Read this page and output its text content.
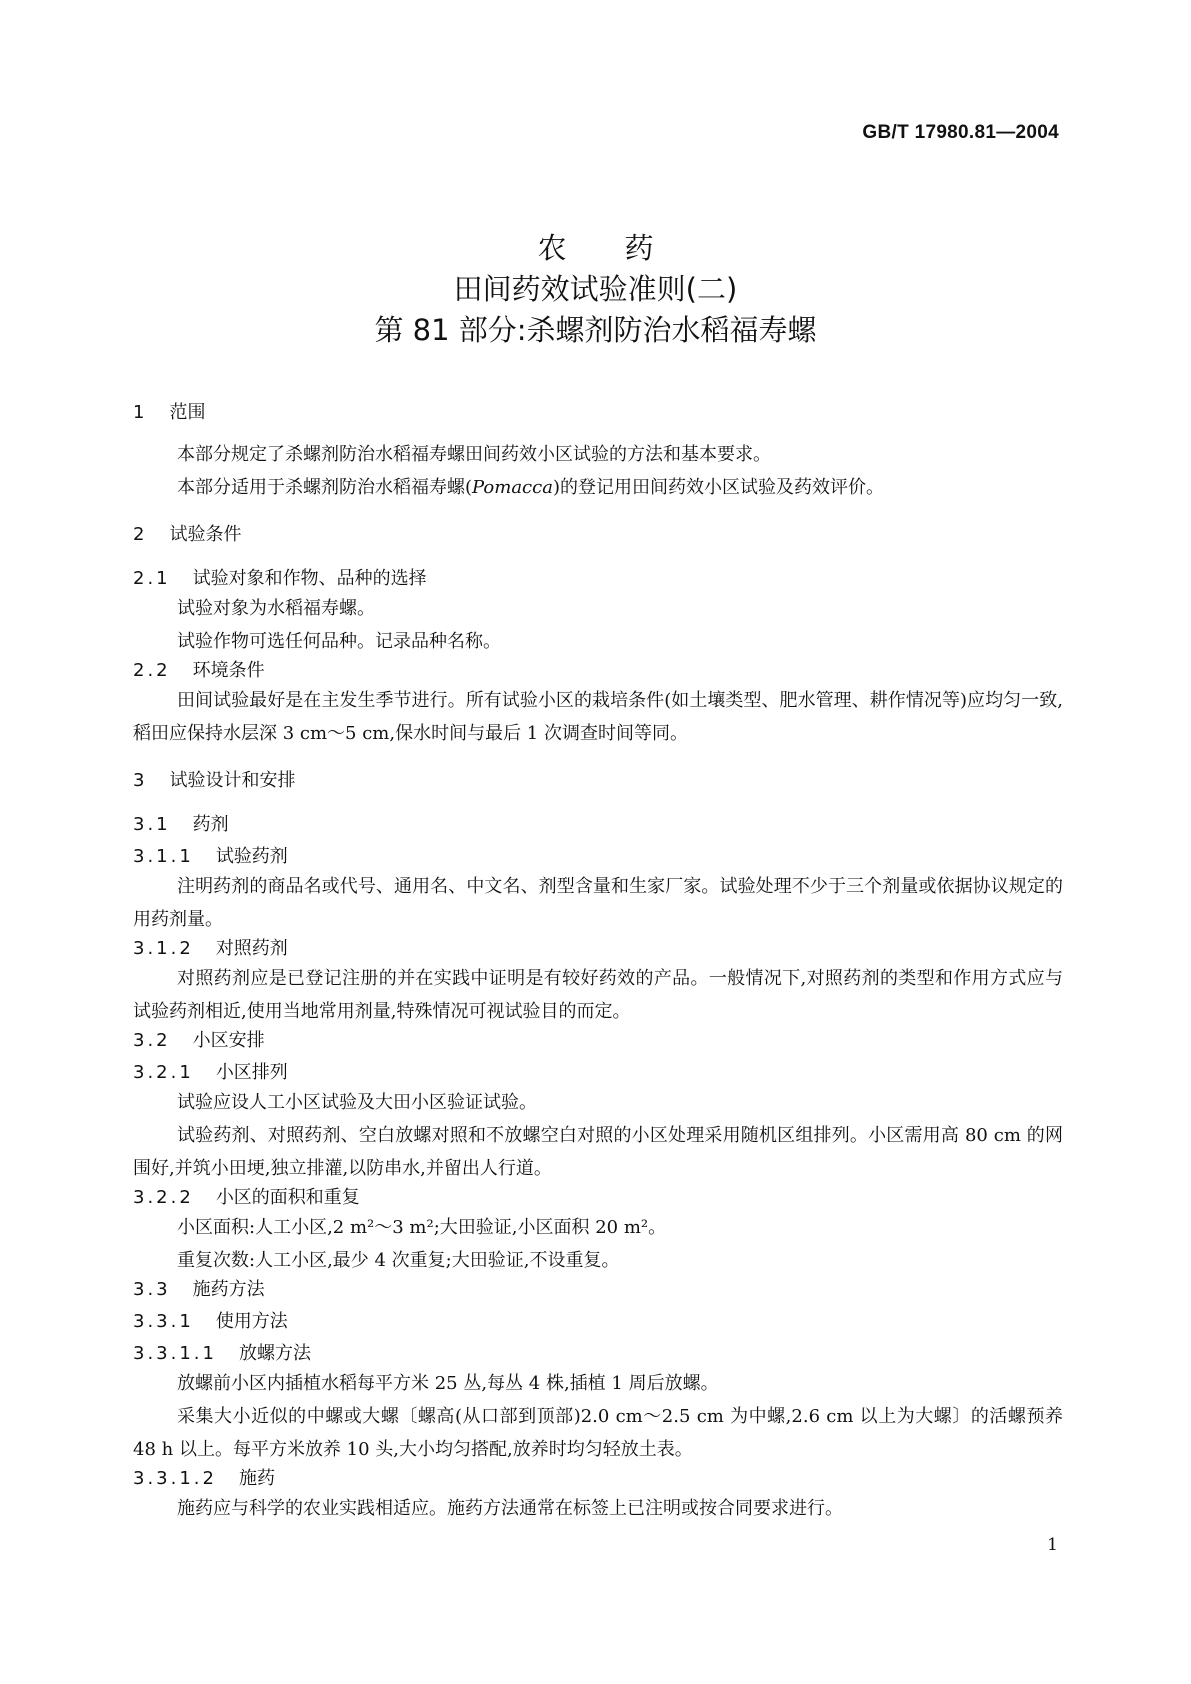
GB/T 17980.81—2004
农药
田间药效试验准则(二)
第 81 部分:杀螺剂防治水稻福寿螺
1 范围
本部分规定了杀螺剂防治水稻福寿螺田间药效小区试验的方法和基本要求。
本部分适用于杀螺剂防治水稻福寿螺(Pomacca)的登记用田间药效小区试验及药效评价。
2 试验条件
2.1 试验对象和作物、品种的选择
试验对象为水稻福寿螺。
试验作物可选任何品种。记录品种名称。
2.2 环境条件
田间试验最好是在主发生季节进行。所有试验小区的栽培条件(如土壤类型、肥水管理、耕作情况等)应均匀一致,稻田应保持水层深 3 cm～5 cm,保水时间与最后 1 次调查时间等同。
3 试验设计和安排
3.1 药剂
3.1.1 试验药剂
注明药剂的商品名或代号、通用名、中文名、剂型含量和生家厂家。试验处理不少于三个剂量或依据协议规定的用药剂量。
3.1.2 对照药剂
对照药剂应是已登记注册的并在实践中证明是有较好药效的产品。一般情况下,对照药剂的类型和作用方式应与试验药剂相近,使用当地常用剂量,特殊情况可视试验目的而定。
3.2 小区安排
3.2.1 小区排列
试验应设人工小区试验及大田小区验证试验。
试验药剂、对照药剂、空白放螺对照和不放螺空白对照的小区处理采用随机区组排列。小区需用高 80 cm 的网围好,并筑小田埂,独立排灌,以防串水,并留出人行道。
3.2.2 小区的面积和重复
小区面积:人工小区,2 m²～3 m²;大田验证,小区面积 20 m²。
重复次数:人工小区,最少 4 次重复;大田验证,不设重复。
3.3 施药方法
3.3.1 使用方法
3.3.1.1 放螺方法
放螺前小区内插植水稻每平方米 25 丛,每丛 4 株,插植 1 周后放螺。
采集大小近似的中螺或大螺〔螺高(从口部到顶部)2.0 cm～2.5 cm 为中螺,2.6 cm 以上为大螺〕的活螺预养 48 h 以上。每平方米放养 10 头,大小均匀搭配,放养时均匀轻放土表。
3.3.1.2 施药
施药应与科学的农业实践相适应。施药方法通常在标签上已注明或按合同要求进行。
1
